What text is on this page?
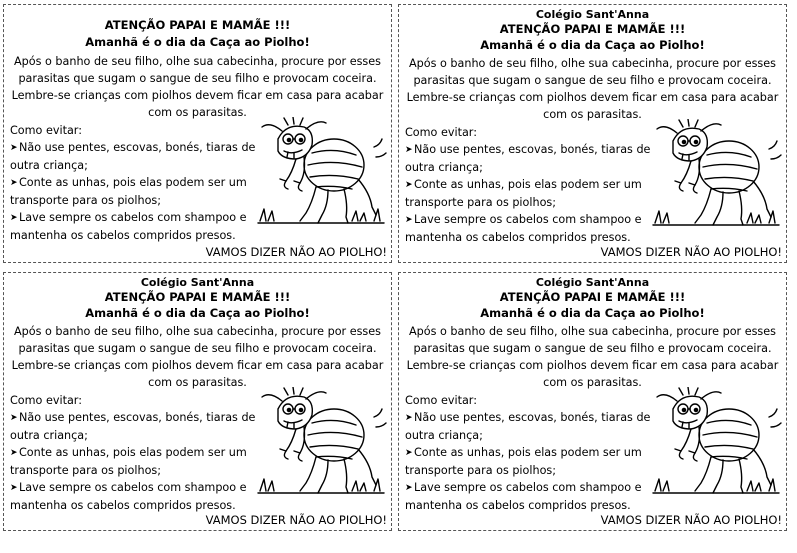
ATENÇÃO PAPAI E MAMÃE !!!
Amanhã é o dia da Caça ao Piolho!
Após o banho de seu filho, olhe sua cabecinha, procure por esses parasitas que sugam o sangue de seu filho e provocam coceira. Lembre-se crianças com piolhos devem ficar em casa para acabar com os parasitas.
Como evitar:
➤Não use pentes, escovas, bonés, tiaras de outra criança;
➤Conte as unhas, pois elas podem ser um transporte para os piolhos;
➤Lave sempre os cabelos com shampoo e mantenha os cabelos compridos presos.
VAMOS DIZER NÃO AO PIOLHO!
Colégio Sant'Anna
ATENÇÃO PAPAI E MAMÃE !!!
Amanhã é o dia da Caça ao Piolho!
Após o banho de seu filho, olhe sua cabecinha, procure por esses parasitas que sugam o sangue de seu filho e provocam coceira. Lembre-se crianças com piolhos devem ficar em casa para acabar com os parasitas.
Como evitar:
➤Não use pentes, escovas, bonés, tiaras de outra criança;
➤Conte as unhas, pois elas podem ser um transporte para os piolhos;
➤Lave sempre os cabelos com shampoo e mantenha os cabelos compridos presos.
VAMOS DIZER NÃO AO PIOLHO!
Colégio Sant'Anna
ATENÇÃO PAPAI E MAMÃE !!!
Amanhã é o dia da Caça ao Piolho!
Após o banho de seu filho, olhe sua cabecinha, procure por esses parasitas que sugam o sangue de seu filho e provocam coceira. Lembre-se crianças com piolhos devem ficar em casa para acabar com os parasitas.
Como evitar:
➤Não use pentes, escovas, bonés, tiaras de outra criança;
➤Conte as unhas, pois elas podem ser um transporte para os piolhos;
➤Lave sempre os cabelos com shampoo e mantenha os cabelos compridos presos.
VAMOS DIZER NÃO AO PIOLHO!
Colégio Sant'Anna
ATENÇÃO PAPAI E MAMÃE !!!
Amanhã é o dia da Caça ao Piolho!
Após o banho de seu filho, olhe sua cabecinha, procure por esses parasitas que sugam o sangue de seu filho e provocam coceira. Lembre-se crianças com piolhos devem ficar em casa para acabar com os parasitas.
Como evitar:
➤Não use pentes, escovas, bonés, tiaras de outra criança;
➤Conte as unhas, pois elas podem ser um transporte para os piolhos;
➤Lave sempre os cabelos com shampoo e mantenha os cabelos compridos presos.
VAMOS DIZER NÃO AO PIOLHO!
